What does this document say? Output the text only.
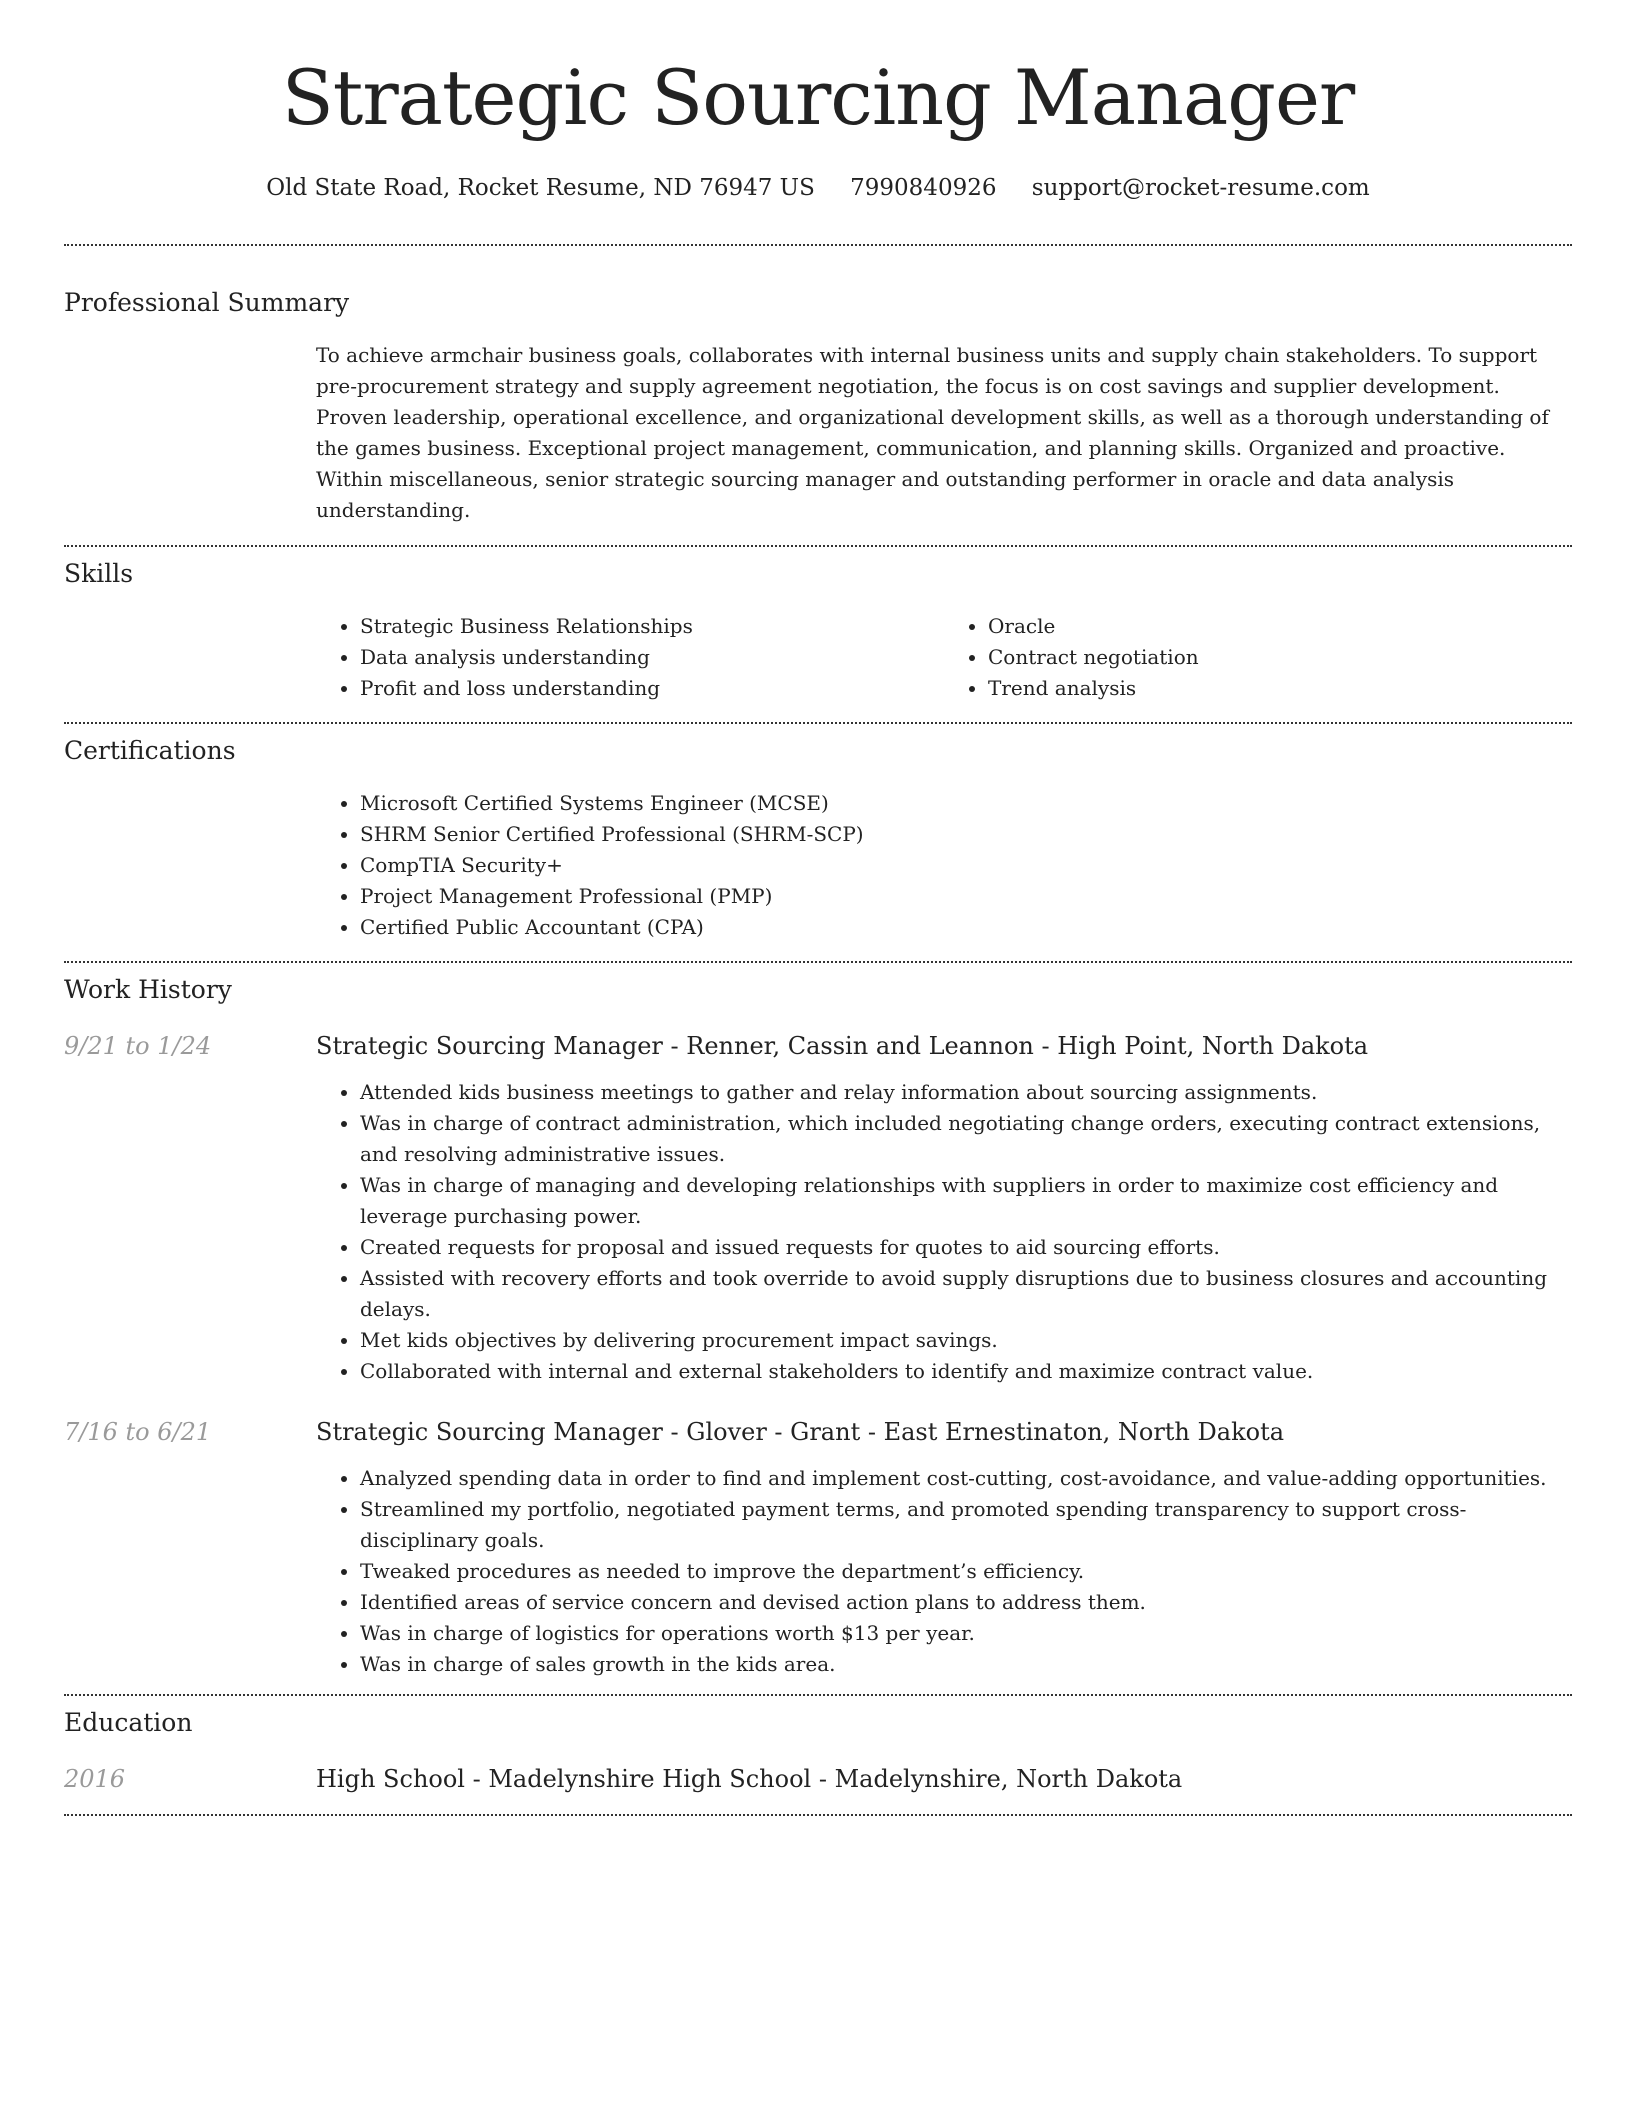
Strategic Sourcing Manager
Old State Road, Rocket Resume, ND 76947 US 7990840926 support@rocket-resume.com
Professional Summary
To achieve armchair business goals, collaborates with internal business units and supply chain stakeholders. To support pre-procurement strategy and supply agreement negotiation, the focus is on cost savings and supplier development. Proven leadership, operational excellence, and organizational development skills, as well as a thorough understanding of the games business. Exceptional project management, communication, and planning skills. Organized and proactive. Within miscellaneous, senior strategic sourcing manager and outstanding performer in oracle and data analysis understanding.
Skills
• Strategic Business Relationships
• Data analysis understanding
• Profit and loss understanding
• Oracle
• Contract negotiation
• Trend analysis
Certifications
• Microsoft Certified Systems Engineer (MCSE)
• SHRM Senior Certified Professional (SHRM-SCP)
• CompTIA Security+
• Project Management Professional (PMP)
• Certified Public Accountant (CPA)
Work History
9/21 to 1/24	Strategic Sourcing Manager - Renner, Cassin and Leannon - High Point, North Dakota
• Attended kids business meetings to gather and relay information about sourcing assignments.
• Was in charge of contract administration, which included negotiating change orders, executing contract extensions, and resolving administrative issues.
• Was in charge of managing and developing relationships with suppliers in order to maximize cost efficiency and leverage purchasing power.
• Created requests for proposal and issued requests for quotes to aid sourcing efforts.
• Assisted with recovery efforts and took override to avoid supply disruptions due to business closures and accounting delays.
• Met kids objectives by delivering procurement impact savings.
• Collaborated with internal and external stakeholders to identify and maximize contract value.
7/16 to 6/21	Strategic Sourcing Manager - Glover - Grant - East Ernestinaton, North Dakota
• Analyzed spending data in order to find and implement cost-cutting, cost-avoidance, and value-adding opportunities.
• Streamlined my portfolio, negotiated payment terms, and promoted spending transparency to support cross-disciplinary goals.
• Tweaked procedures as needed to improve the department’s efficiency.
• Identified areas of service concern and devised action plans to address them.
• Was in charge of logistics for operations worth $13 per year.
• Was in charge of sales growth in the kids area.
Education
2016	High School - Madelynshire High School - Madelynshire, North Dakota
